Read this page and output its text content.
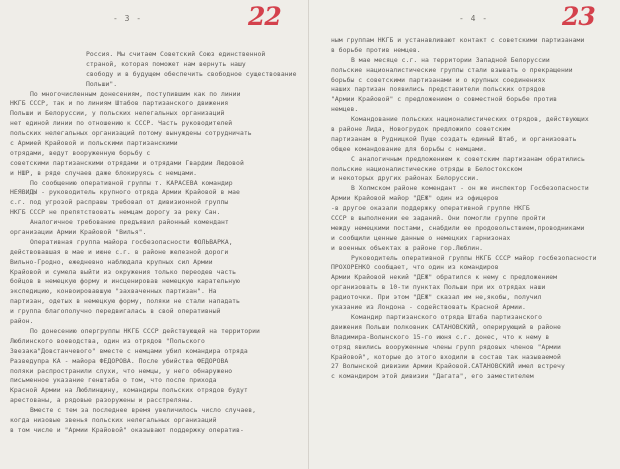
- 3 -	22
Россия. Мы считаем Советский Союз единственной
страной, которая поможет нам вернуть нашу
свободу и в будущем обеспечить свободное существование
Польши".
По многочисленным донесениям, поступившим как по линии
НКГБ СССР, так и по линиям Штабов партизанского движения
Польши и Белоруссии, у польских нелегальных организаций
нет единой линии по отношению к СССР. Часть руководителей
польских нелегальных организаций потому вынуждены сотрудничать
с Армией Крайовой и польскими партизанскими
отрядами, ведут вооруженную борьбу с
советскими партизанскими отрядами и отрядами Гвардии Людовой
и НШР, в ряде случаев даже блокируясь с немцами.
По сообщению оперативной группы т. КАРАСЕВА командир
НЕЯВИДЫ - руководитель крупного отряда Армии Крайовой в мае
с.г. под угрозой расправы требовал от дивизионной группы
НКГБ СССР не препятствовать немцам дорогу за реку Сан.
Аналогичное требование предъявил районный комендант
организации Армии Крайовой "Вилья".
Оперативная группа майора госбезопасности ФОЛЬВАРКА,
действовавшая в мае и июне с.г. в районе железной дороги
Вильно-Гродно, ежедневно наблюдала крупных сил Армии
Крайовой и сумела выйти из окружения только переодев часть
бойцов в немецкую форму и инсценировав немецкую карательную
экспедицию, конвоировавшую "захваченных партизан". На
партизан, одетых в немецкую форму, поляки не стали нападать
и группа благополучно передвигалась в свой оперативный
район.
По донесению опергруппы НКГБ СССР действующей на территории
Люблинского воеводства, один из отрядов "Польского
Звезака"Довстанчевого" вместе с немцами убил командира отряда
Разведупра КА - майора ФЕДОРОВА. После убийства ФЕДОРОВА
поляки распространили слухи, что немцы, у него обнаружено
письменное указание генштаба о том, что после прихода
Красной Армии на Люблинщину, командиры польских отрядов будут
арестованы, а рядовые разоружены и расстреляны.
Вместе с тем за последнее время увеличилось число случаев,
когда низовые звенья польских нелегальных организаций
в том числе и "Армии Крайовой" оказывают поддержку оператив-
- 4 -	23
ным группам НКГБ и устанавливают контакт с советскими партизанами
в борьбе против немцев.
В мае месяце с.г. на территории Западной Белоруссии
польские националистические группы стали взывать о прекращении
борьбы с советскими партизанами и о крупных соединениях
наших партизан появились представители польских отрядов
"Армии Крайовой" с предложением о совместной борьбе против
немцев.
Командование польских националистических отрядов, действующих
в районе Лида, Новогрудок предложило советским
партизанам в Рудницкой Пуще создать единый Штаб, и организовать
общее командование для борьбы с немцами.
С аналогичным предложением к советским партизанам обратились
польские националистические отряды в Белостокском
и некоторых других районах Белоруссии.
В Холмском районе комендант - он же инспектор Госбезопасности
Армии Крайовой майор "ДЕЖ" один из офицеров
-в другое оказали поддержку оперативной группе НКГБ
СССР в выполнении ее заданий. Они помогли группе пройти
между немецкими постами, снабдили ее продовольствием,проводниками
и сообщили ценные данные о немецких гарнизонах
и военных объектах в районе гор.Люблин.
Руководитель оперативной группы НКГБ СССР майор госбезопасности
ПРОХОРЕНКО сообщает, что один из командиров
Армии Крайовой некий "ДЕЖ" обратился к нему с предложением
организовать в 10-ти пунктах Польши при их отрядах наши
радиоточки. При этом "ДЕЖ" сказал им не,якобы, получил
указание из Лондона - содействовать Красной Армии.
Командир партизанского отряда Штаба партизанского
движения Польши полковник САТАНОВСКИЙ, оперирующий в районе
Владимира-Волынского 15-го июня с.г. донес, что к нему в
отряд явились вооруженные члены групп рядовых членов "Армии
Крайовой", которые до этого входили в состав так называемой
27 Волынской дивизии Армии Крайовой.САТАНОВСКИЙ имел встречу
с командиром этой дивизии "Дагата", его заместителем
